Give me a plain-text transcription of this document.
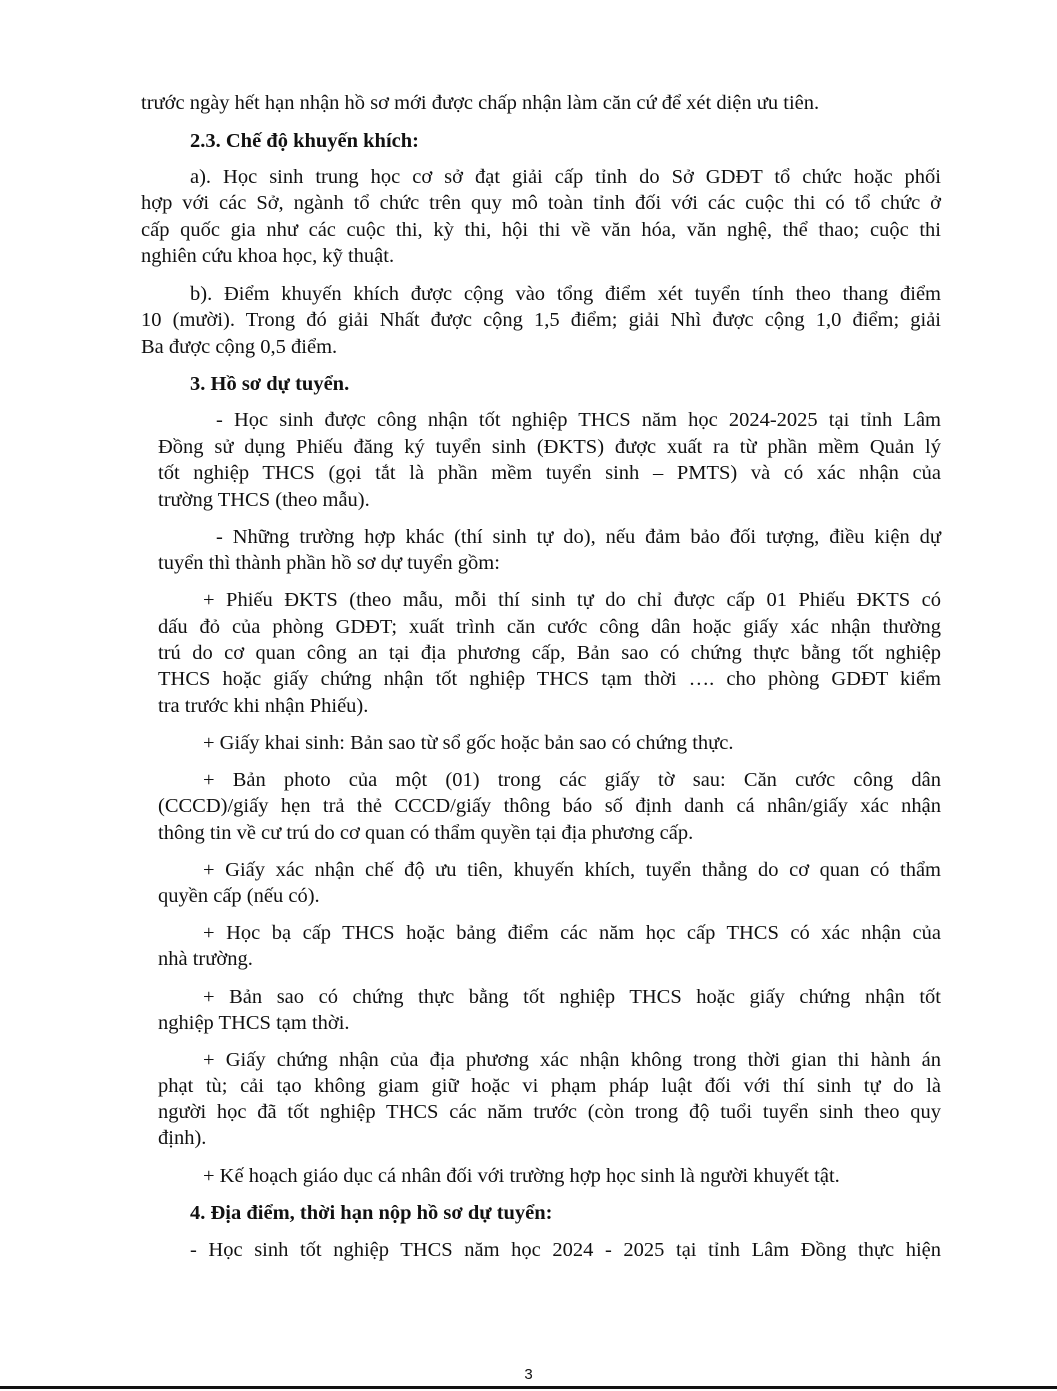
trước ngày hết hạn nhận hồ sơ mới được chấp nhận làm căn cứ để xét diện ưu tiên.

2.3. Chế độ khuyến khích:

a). Học sinh trung học cơ sở đạt giải cấp tỉnh do Sở GDĐT tổ chức hoặc phối

hợp với các Sở, ngành tổ chức trên quy mô toàn tỉnh đối với các cuộc thi có tổ chức ở

cấp quốc gia như các cuộc thi, kỳ thi, hội thi về văn hóa, văn nghệ, thể thao; cuộc thi

nghiên cứu khoa học, kỹ thuật.

b). Điểm khuyến khích được cộng vào tổng điểm xét tuyển tính theo thang điểm

10 (mười). Trong đó giải Nhất được cộng 1,5 điểm; giải Nhì được cộng 1,0 điểm; giải

Ba được cộng 0,5 điểm.

3. Hồ sơ dự tuyển.

- Học sinh được công nhận tốt nghiệp THCS năm học 2024-2025 tại tỉnh Lâm

Đồng sử dụng Phiếu đăng ký tuyển sinh (ĐKTS) được xuất ra từ phần mềm Quản lý

tốt nghiệp THCS (gọi tắt là phần mềm tuyển sinh – PMTS) và có xác nhận của

trường THCS (theo mẫu).

- Những trường hợp khác (thí sinh tự do), nếu đảm bảo đối tượng, điều kiện dự

tuyển thì thành phần hồ sơ dự tuyển gồm:

+ Phiếu ĐKTS (theo mẫu, mỗi thí sinh tự do chỉ được cấp 01 Phiếu ĐKTS có

dấu đỏ của phòng GDĐT; xuất trình căn cước công dân hoặc giấy xác nhận thường

trú do cơ quan công an tại địa phương cấp, Bản sao có chứng thực bằng tốt nghiệp

THCS hoặc giấy chứng nhận tốt nghiệp THCS tạm thời …. cho phòng GDĐT kiểm

tra trước khi nhận Phiếu).

+ Giấy khai sinh: Bản sao từ sổ gốc hoặc bản sao có chứng thực.

+ Bản photo của một (01) trong các giấy tờ sau: Căn cước công dân

(CCCD)/giấy hẹn trả thẻ CCCD/giấy thông báo số định danh cá nhân/giấy xác nhận

thông tin về cư trú do cơ quan có thẩm quyền tại địa phương cấp.

+ Giấy xác nhận chế độ ưu tiên, khuyến khích, tuyển thẳng do cơ quan có thẩm

quyền cấp (nếu có).

+ Học bạ cấp THCS hoặc bảng điểm các năm học cấp THCS có xác nhận của

nhà trường.

+ Bản sao có chứng thực bằng tốt nghiệp THCS hoặc giấy chứng nhận tốt

nghiệp THCS tạm thời.

+ Giấy chứng nhận của địa phương xác nhận không trong thời gian thi hành án

phạt tù; cải tạo không giam giữ hoặc vi phạm pháp luật đối với thí sinh tự do là

người học đã tốt nghiệp THCS các năm trước (còn trong độ tuổi tuyển sinh theo quy

định).

+ Kế hoạch giáo dục cá nhân đối với trường hợp học sinh là người khuyết tật.

4. Địa điểm, thời hạn nộp hồ sơ dự tuyển:

- Học sinh tốt nghiệp THCS năm học 2024 - 2025 tại tỉnh Lâm Đồng thực hiện

3
